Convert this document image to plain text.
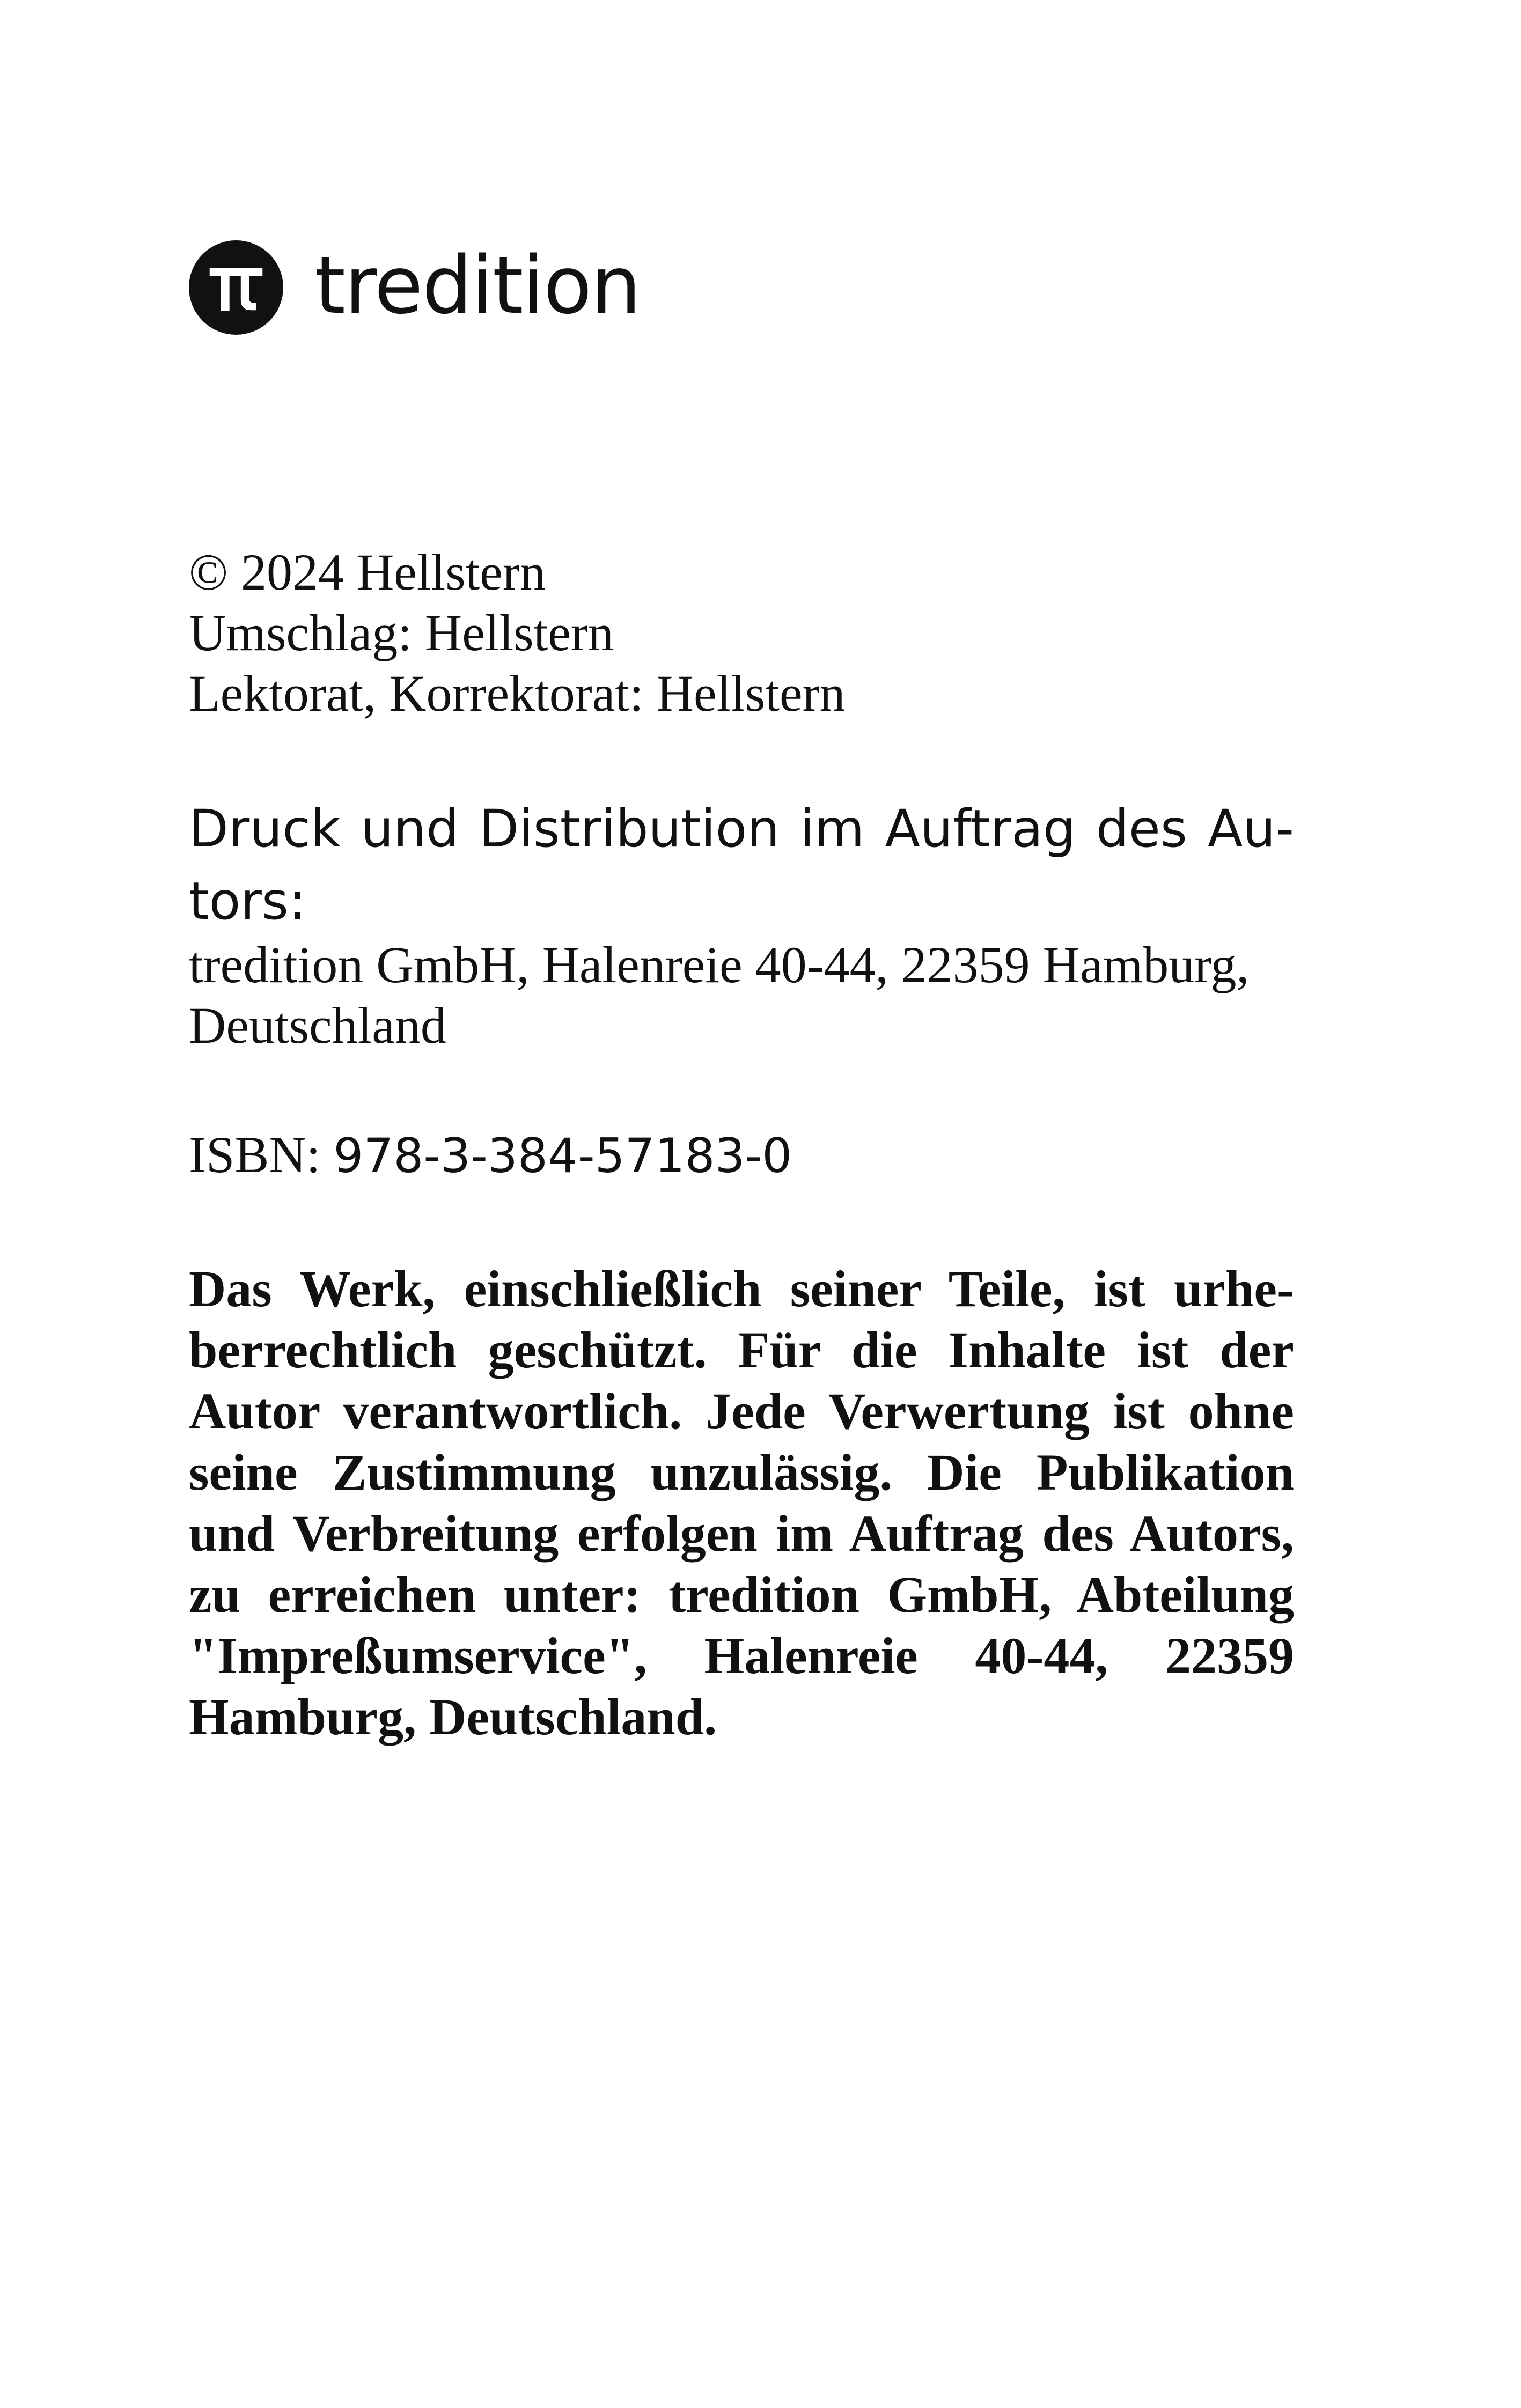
tredition
© 2024 Hellstern
Umschlag: Hellstern
Lektorat, Korrektorat: Hellstern
Druck und Distribution im Auftrag des Au-tors:
tredition GmbH, Halenreie 40-44, 22359 Hamburg, Deutschland
ISBN: 978-3-384-57183-0
Das Werk, einschließlich seiner Teile, ist urhe-berrechtlich geschützt. Für die Inhalte ist der Autor verantwortlich. Jede Verwertung ist ohne seine Zustimmung unzulässig. Die Publikation und Verbreitung erfolgen im Auftrag des Autors, zu erreichen unter: tredition GmbH, Abteilung "Impreßumservice", Halenreie 40-44, 22359 Hamburg, Deutschland.
